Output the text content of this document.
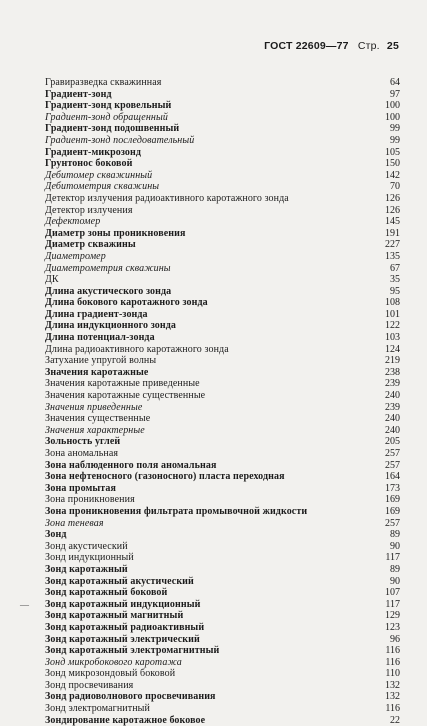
ГОСТ 22609—77 Стр. 25
Гравиразведка скважинная	64
Градиент-зонд	97
Градиент-зонд кровельный	100
Градиент-зонд обращенный	100
Градиент-зонд подошвенный	99
Градиент-зонд последовательный	99
Градиент-микрозонд	105
Грунтонос боковой	150
Дебитомер скважинный	142
Дебитометрия скважины	70
Детектор излучения радиоактивного каротажного зонда	126
Детектор излучения	126
Дефектомер	145
Диаметр зоны проникновения	191
Диаметр скважины	227
Диаметромер	135
Диаметрометрия скважины	67
ДК	35
Длина акустического зонда	95
Длина бокового каротажного зонда	108
Длина градиент-зонда	101
Длина индукционного зонда	122
Длина потенциал-зонда	103
Длина радиоактивного каротажного зонда	124
Затухание упругой волны	219
Значения каротажные	238
Значения каротажные приведенные	239
Значения каротажные существенные	240
Значения приведенные	239
Значения существенные	240
Значения характерные	240
Зольность углей	205
Зона аномальная	257
Зона наблюденного поля аномальная	257
Зона нефтеносного (газоносного) пласта переходная	164
Зона промытая	173
Зона проникновения	169
Зона проникновения фильтрата промывочной жидкости	169
Зона теневая	257
Зонд	89
Зонд акустический	90
Зонд индукционный	117
Зонд каротажный	89
Зонд каротажный акустический	90
Зонд каротажный боковой	107
Зонд каротажный индукционный	117
Зонд каротажный магнитный	129
Зонд каротажный радиоактивный	123
Зонд каротажный электрический	96
Зонд каротажный электромагнитный	116
Зонд микробокового каротажа	116
Зонд микрозондовый боковой	110
Зонд просвечивания	132
Зонд радиоволнового просвечивания	132
Зонд электромагнитный	116
Зондирование каротажное боковое	22
—
